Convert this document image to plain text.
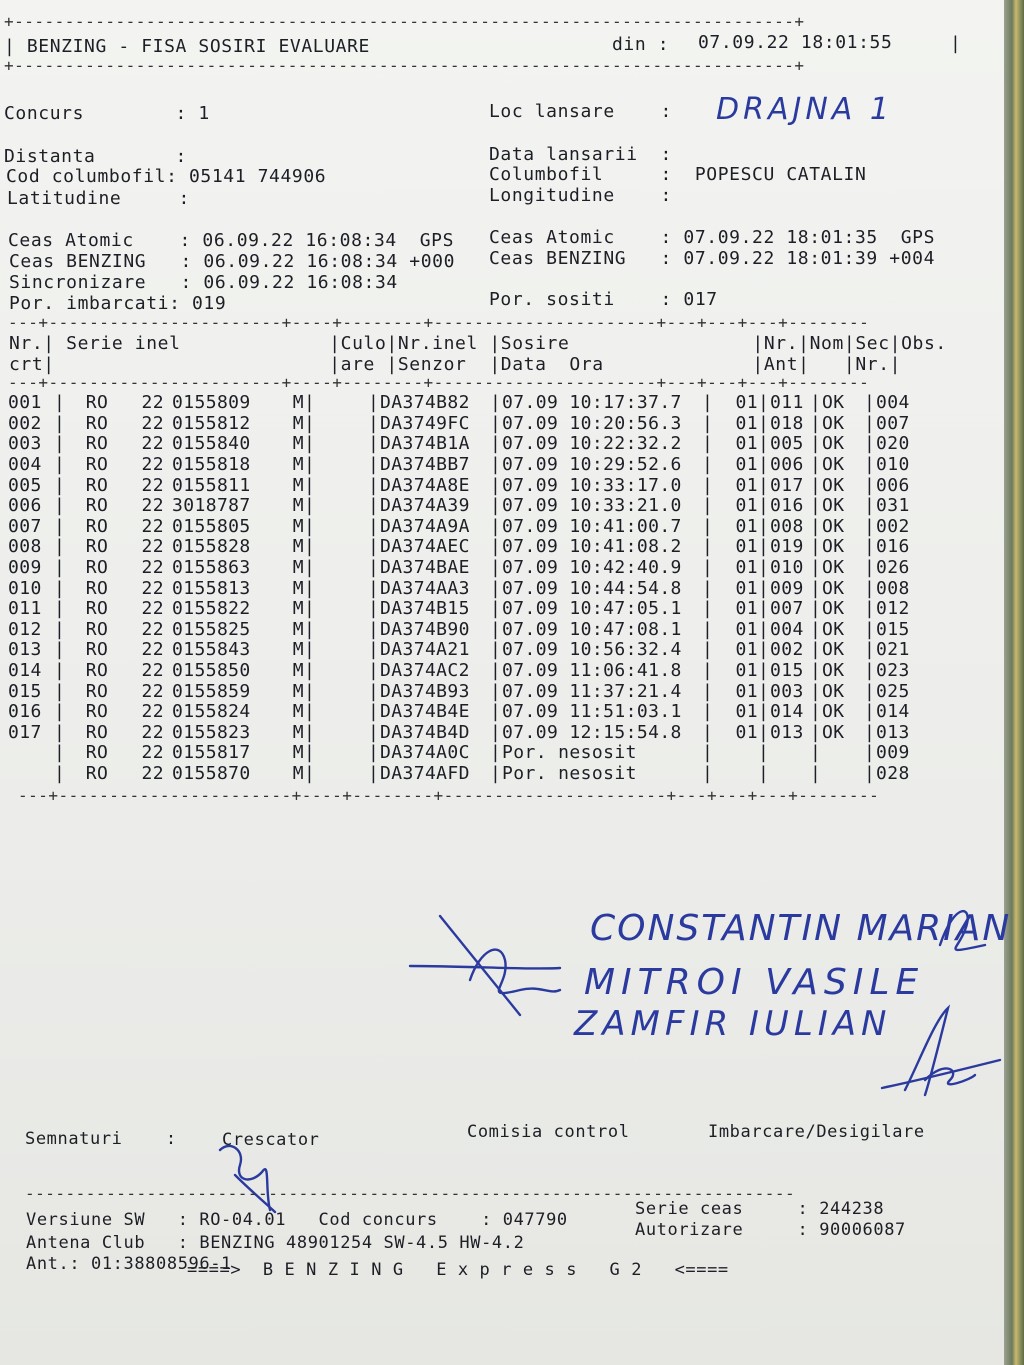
+-----------------------------------------------------------------------------+
| BENZING - FISA SOSIRI EVALUARE	din : 07.09.22 18:01:55	|
+-----------------------------------------------------------------------------+
Concurs        : 1
Distanta       :
Cod columbofil: 05141 744906
Latitudine     :
Ceas Atomic    : 06.09.22 16:08:34  GPS
Ceas BENZING   : 06.09.22 16:08:34 +000
Sincronizare   : 06.09.22 16:08:34
Por. imbarcati: 019
Loc lansare    : DRAJNA 1
Data lansarii  :
Columbofil     :  POPESCU CATALIN
Longitudine    :
Ceas Atomic    : 07.09.22 18:01:35  GPS
Ceas BENZING   : 07.09.22 18:01:39 +004
Por. sositi    : 017
---+-----------------------+----+--------+----------------------+---+---+---+--------
Nr.| Serie inel             |Culo|Nr.inel |Sosire                |Nr.|Nom|Sec|Obs.
crt|                        |are |Senzor  |Data  Ora             |Ant|   |Nr.|
---+-----------------------+----+--------+----------------------+---+---+---+--------
001	|	RO	22	0155809	M	|		|	DA374B82	|	07.09 10:17:37.7	|	01	|	011	|	OK	|	004
002	|	RO	22	0155812	M	|		|	DA3749FC	|	07.09 10:20:56.3	|	01	|	018	|	OK	|	007
003	|	RO	22	0155840	M	|		|	DA374B1A	|	07.09 10:22:32.2	|	01	|	005	|	OK	|	020
004	|	RO	22	0155818	M	|		|	DA374BB7	|	07.09 10:29:52.6	|	01	|	006	|	OK	|	010
005	|	RO	22	0155811	M	|		|	DA374A8E	|	07.09 10:33:17.0	|	01	|	017	|	OK	|	006
006	|	RO	22	3018787	M	|		|	DA374A39	|	07.09 10:33:21.0	|	01	|	016	|	OK	|	031
007	|	RO	22	0155805	M	|		|	DA374A9A	|	07.09 10:41:00.7	|	01	|	008	|	OK	|	002
008	|	RO	22	0155828	M	|		|	DA374AEC	|	07.09 10:41:08.2	|	01	|	019	|	OK	|	016
009	|	RO	22	0155863	M	|		|	DA374BAE	|	07.09 10:42:40.9	|	01	|	010	|	OK	|	026
010	|	RO	22	0155813	M	|		|	DA374AA3	|	07.09 10:44:54.8	|	01	|	009	|	OK	|	008
011	|	RO	22	0155822	M	|		|	DA374B15	|	07.09 10:47:05.1	|	01	|	007	|	OK	|	012
012	|	RO	22	0155825	M	|		|	DA374B90	|	07.09 10:47:08.1	|	01	|	004	|	OK	|	015
013	|	RO	22	0155843	M	|		|	DA374A21	|	07.09 10:56:32.4	|	01	|	002	|	OK	|	021
014	|	RO	22	0155850	M	|		|	DA374AC2	|	07.09 11:06:41.8	|	01	|	015	|	OK	|	023
015	|	RO	22	0155859	M	|		|	DA374B93	|	07.09 11:37:21.4	|	01	|	003	|	OK	|	025
016	|	RO	22	0155824	M	|		|	DA374B4E	|	07.09 11:51:03.1	|	01	|	014	|	OK	|	014
017	|	RO	22	0155823	M	|		|	DA374B4D	|	07.09 12:15:54.8	|	01	|	013	|	OK	|	013
	|	RO	22	0155817	M	|		|	DA374A0C	|	Por. nesosit	|		|		|		|	009
	|	RO	22	0155870	M	|		|	DA374AFD	|	Por. nesosit	|		|		|		|	028
---+-----------------------+----+--------+----------------------+---+---+---+--------
CONSTANTIN MARIAN
MITROI VASILE
ZAMFIR IULIAN
Semnaturi    :	Crescator	Comisia control	Imbarcare/Desigilare
----------------------------------------------------------------------------
Versiune SW   : RO-04.01   Cod concurs    : 047790
Serie ceas     : 244238
Antena Club   : BENZING 48901254 SW-4.5 HW-4.2
Autorizare     : 90006087
Ant.: 01:38808596-1
====>  B E N Z I N G   E x p r e s s   G 2   <====
